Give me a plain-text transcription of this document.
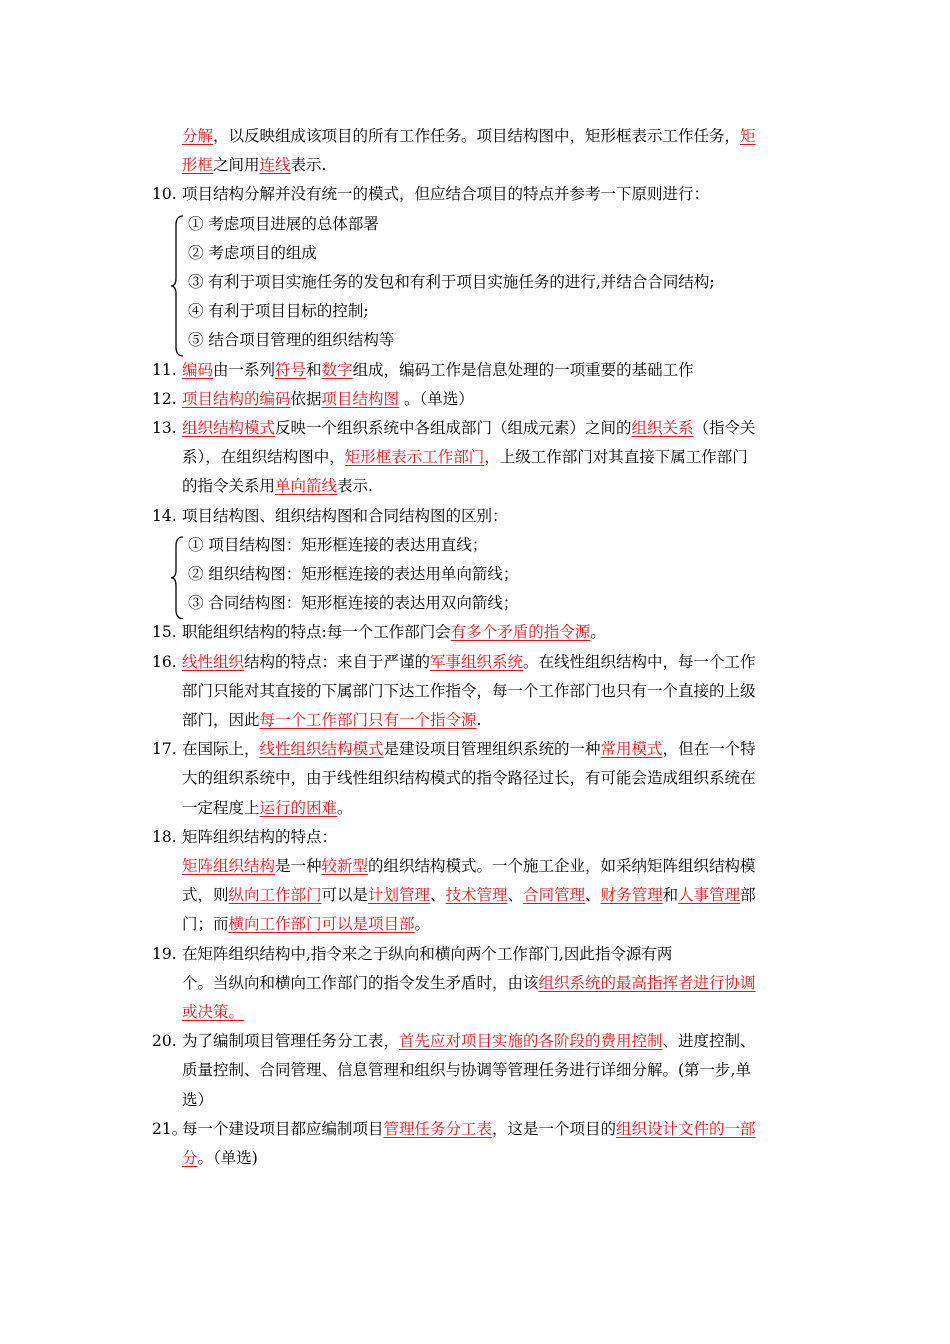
分解，以反映组成该项目的所有工作任务。项目结构图中，矩形框表示工作任务，矩
形框之间用连线表示.
10. 项目结构分解并没有统一的模式，但应结合项目的特点并参考一下原则进行：
① 考虑项目进展的总体部署
② 考虑项目的组成
③ 有利于项目实施任务的发包和有利于项目实施任务的进行,并结合合同结构;
④ 有利于项目目标的控制;
⑤ 结合项目管理的组织结构等
11. 编码由一系列符号和数字组成，编码工作是信息处理的一项重要的基础工作
12. 项目结构的编码依据项目结构图 。（单选）
13. 组织结构模式反映一个组织系统中各组成部门（组成元素）之间的组织关系（指令关
系），在组织结构图中，矩形框表示工作部门，上级工作部门对其直接下属工作部门
的指令关系用单向箭线表示.
14. 项目结构图、组织结构图和合同结构图的区别：
① 项目结构图：矩形框连接的表达用直线；
② 组织结构图：矩形框连接的表达用单向箭线；
③ 合同结构图：矩形框连接的表达用双向箭线；
15. 职能组织结构的特点:每一个工作部门会有多个矛盾的指令源。
16. 线性组织结构的特点：来自于严谨的军事组织系统。在线性组织结构中，每一个工作
部门只能对其直接的下属部门下达工作指令，每一个工作部门也只有一个直接的上级
部门，因此每一个工作部门只有一个指令源.
17. 在国际上，线性组织结构模式是建设项目管理组织系统的一种常用模式，但在一个特
大的组织系统中，由于线性组织结构模式的指令路径过长，有可能会造成组织系统在
一定程度上运行的困难。
18. 矩阵组织结构的特点：
矩阵组织结构是一种较新型的组织结构模式。一个施工企业，如采纳矩阵组织结构模
式，则纵向工作部门可以是计划管理、技术管理、合同管理、财务管理和人事管理部
门；而横向工作部门可以是项目部。
19. 在矩阵组织结构中,指令来之于纵向和横向两个工作部门,因此指令源有两
个。当纵向和横向工作部门的指令发生矛盾时，由该组织系统的最高指挥者进行协调
或决策。
20. 为了编制项目管理任务分工表，首先应对项目实施的各阶段的费用控制、进度控制、
质量控制、合同管理、信息管理和组织与协调等管理任务进行详细分解。(第一步,单
选）
21。
每一个建设项目都应编制项目管理任务分工表，这是一个项目的组织设计文件的一部
分。（单选)
